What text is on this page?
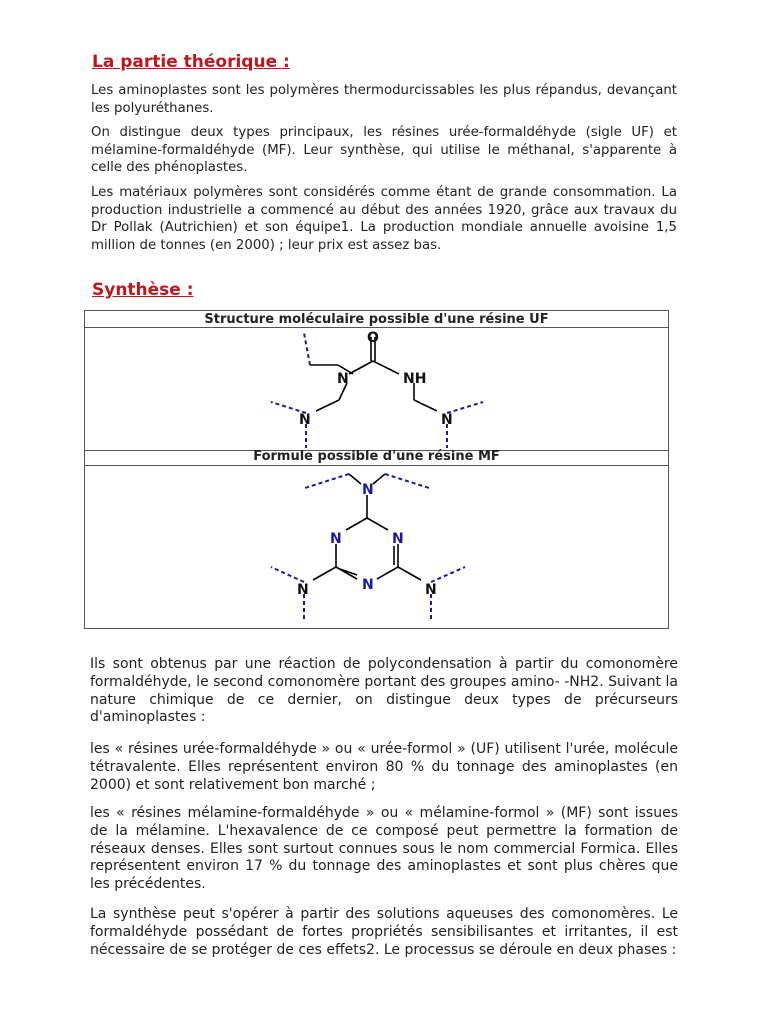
La partie théorique :

Les aminoplastes sont les polymères thermodurcissables les plus répandus, devançant les polyuréthanes.

On distingue deux types principaux, les résines urée-formaldéhyde (sigle UF) et mélamine-formaldéhyde (MF). Leur synthèse, qui utilise le méthanal, s'apparente à celle des phénoplastes.

Les matériaux polymères sont considérés comme étant de grande consommation. La production industrielle a commencé au début des années 1920, grâce aux travaux du Dr Pollak (Autrichien) et son équipe1. La production mondiale annuelle avoisine 1,5 million de tonnes (en 2000) ; leur prix est assez bas.

Synthèse :
Structure moléculaire possible d'une résine UF
O
N	NH
N	N
Formule possible d'une résine MF
N
N	N
N
N	N

Ils sont obtenus par une réaction de polycondensation à partir du comonomère formaldéhyde, le second comonomère portant des groupes amino- -NH2. Suivant la nature chimique de ce dernier, on distingue deux types de précurseurs d'aminoplastes :

les « résines urée-formaldéhyde » ou « urée-formol » (UF) utilisent l'urée, molécule tétravalente. Elles représentent environ 80 % du tonnage des aminoplastes (en 2000) et sont relativement bon marché ;

les « résines mélamine-formaldéhyde » ou « mélamine-formol » (MF) sont issues de la mélamine. L'hexavalence de ce composé peut permettre la formation de réseaux denses. Elles sont surtout connues sous le nom commercial Formica. Elles représentent environ 17 % du tonnage des aminoplastes et sont plus chères que les précédentes.

La synthèse peut s'opérer à partir des solutions aqueuses des comonomères. Le formaldéhyde possédant de fortes propriétés sensibilisantes et irritantes, il est nécessaire de se protéger de ces effets2. Le processus se déroule en deux phases :
